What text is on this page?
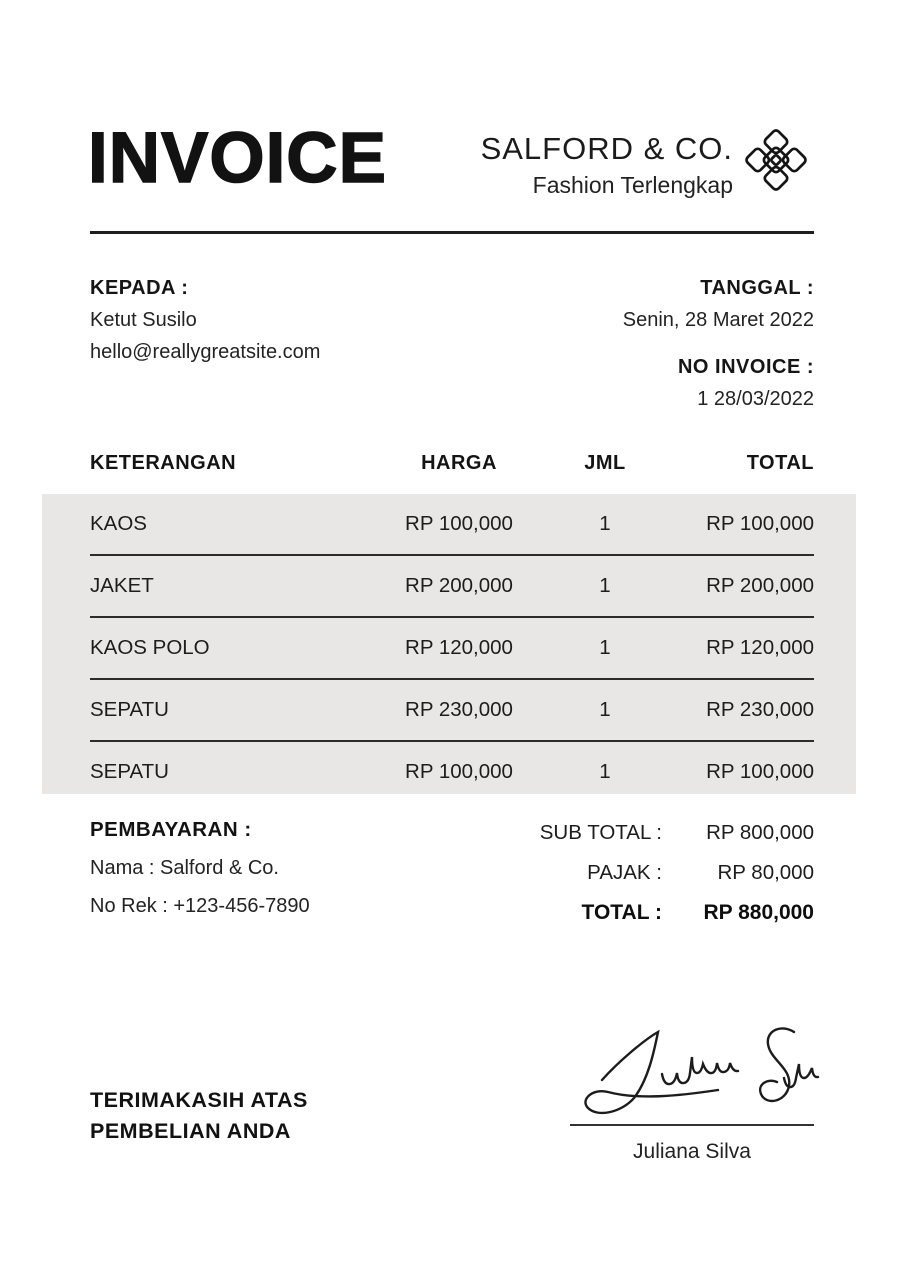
INVOICE	SALFORD & CO.
Fashion Terlengkap
KEPADA :
Ketut Susilo
hello@reallygreatsite.com
TANGGAL :
Senin, 28 Maret 2022
NO INVOICE :
1 28/03/2022
KETERANGAN	HARGA	JML	TOTAL
KAOS	RP 100,000	1	RP 100,000
JAKET	RP 200,000	1	RP 200,000
KAOS POLO	RP 120,000	1	RP 120,000
SEPATU	RP 230,000	1	RP 230,000
SEPATU	RP 100,000	1	RP 100,000
PEMBAYARAN :
Nama : Salford & Co.
No Rek : +123-456-7890
SUB TOTAL :	RP 800,000
PAJAK :	RP 80,000
TOTAL :	RP 880,000
TERIMAKASIH ATAS
PEMBELIAN ANDA
Juliana Silva
